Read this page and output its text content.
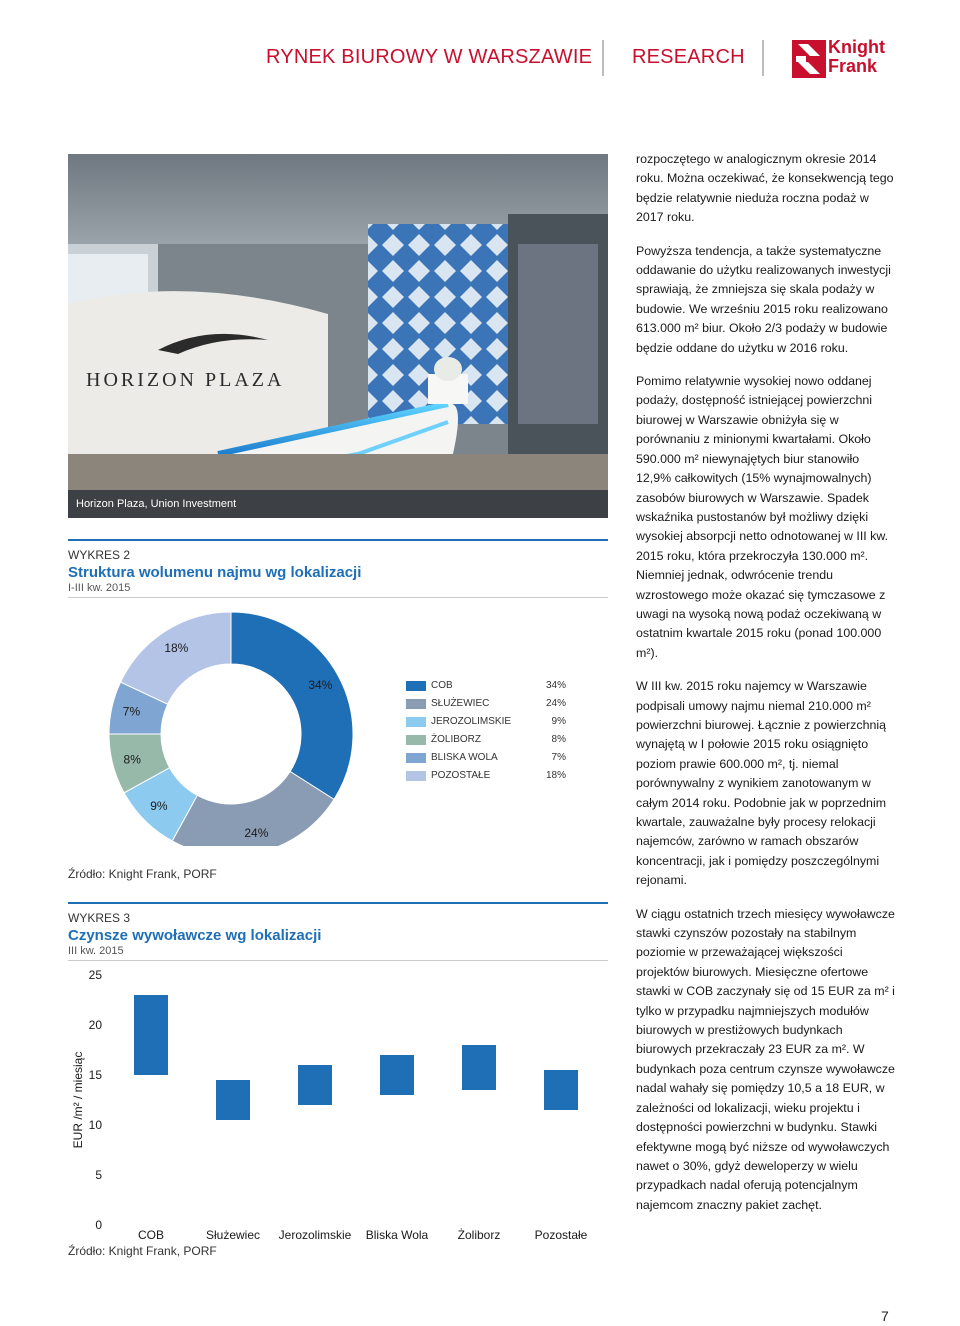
RYNEK BIUROWY W WARSZAWIE RESEARCH	Knight
Frank
HORIZON PLAZA
Horizon Plaza, Union Investment
WYKRES 2
Struktura wolumenu najmu wg lokalizacji
I-III kw. 2015
34%
24%
9%
8%
7%
18%
COB	34%
SŁUŻEWIEC	24%
JEROZOLIMSKIE	9%
ŻOLIBORZ	8%
BLISKA WOLA	7%
POZOSTAŁE	18%
Źródło: Knight Frank, PORF
WYKRES 3
Czynsze wywoławcze wg lokalizacji
III kw. 2015
EUR /m² / miesiąc
0
5
10
15
20
25
COB	Służewiec Jerozolimskie Bliska Wola Żoliborz	Pozostałe
Źródło: Knight Frank, PORF

rozpoczętego w analogicznym okresie 2014 roku. Można oczekiwać, że konsekwencją tego będzie relatywnie nieduża roczna podaż w 2017 roku.

Powyższa tendencja, a także systematyczne oddawanie do użytku realizowanych inwestycji sprawiają, że zmniejsza się skala podaży w budowie. We wrześniu 2015 roku realizowano 613.000 m² biur. Około 2/3 podaży w budowie będzie oddane do użytku w 2016 roku.

Pomimo relatywnie wysokiej nowo oddanej podaży, dostępność istniejącej powierzchni biurowej w Warszawie obniżyła się w porównaniu z minionymi kwartałami. Około 590.000 m² niewynajętych biur stanowiło 12,9% całkowitych (15% wynajmowalnych) zasobów biurowych w Warszawie. Spadek wskaźnika pustostanów był możliwy dzięki wysokiej absorpcji netto odnotowanej w III kw. 2015 roku, która przekroczyła 130.000 m². Niemniej jednak, odwrócenie trendu wzrostowego może okazać się tymczasowe z uwagi na wysoką nową podaż oczekiwaną w ostatnim kwartale 2015 roku (ponad 100.000 m²).

W III kw. 2015 roku najemcy w Warszawie podpisali umowy najmu niemal 210.000 m² powierzchni biurowej. Łącznie z powierzchnią wynajętą w I połowie 2015 roku osiągnięto poziom prawie 600.000 m², tj. niemal porównywalny z wynikiem zanotowanym w całym 2014 roku. Podobnie jak w poprzednim kwartale, zauważalne były procesy relokacji najemców, zarówno w ramach obszarów koncentracji, jak i pomiędzy poszczególnymi rejonami.

W ciągu ostatnich trzech miesięcy wywoławcze stawki czynszów pozostały na stabilnym poziomie w przeważającej większości projektów biurowych. Miesięczne ofertowe stawki w COB zaczynały się od 15 EUR za m² i tylko w przypadku najmniejszych modułów biurowych w prestiżowych budynkach biurowych przekraczały 23 EUR za m². W budynkach poza centrum czynsze wywoławcze nadal wahały się pomiędzy 10,5 a 18 EUR, w zależności od lokalizacji, wieku projektu i dostępności powierzchni w budynku. Stawki efektywne mogą być niższe od wywoławczych nawet o 30%, gdyż deweloperzy w wielu przypadkach nadal oferują potencjalnym najemcom znaczny pakiet zachęt.

7
